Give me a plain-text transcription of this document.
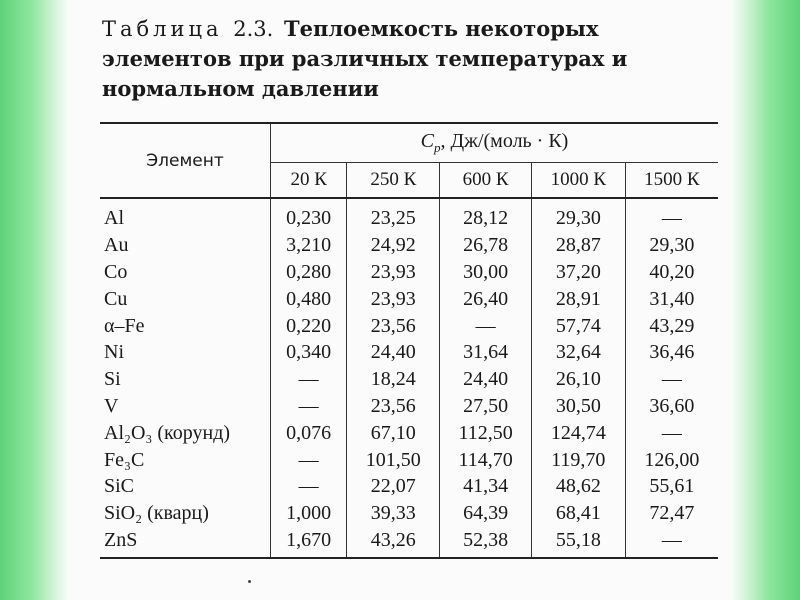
Таблица 2.3. Теплоемкость некоторых элементов при различных температурах и нормальном давлении
Элемент	$C_p$, Дж/(моль · К)				
	20 К	250 К	600 К	1000 К	1500 К
Al	0,230	23,25	28,12	29,30	—
Au	3,210	24,92	26,78	28,87	29,30
Co	0,280	23,93	30,00	37,20	40,20
Cu	0,480	23,93	26,40	28,91	31,40
α–Fe	0,220	23,56	—	57,74	43,29
Ni	0,340	24,40	31,64	32,64	36,46
Si	—	18,24	24,40	26,10	—
V	—	23,56	27,50	30,50	36,60
Al₂O₃ (корунд)	0,076	67,10	112,50	124,74	—
Fe₃C	—	101,50	114,70	119,70	126,00
SiC	—	22,07	41,34	48,62	55,61
SiO₂ (кварц)	1,000	39,33	64,39	68,41	72,47
ZnS	1,670	43,26	52,38	55,18	—
